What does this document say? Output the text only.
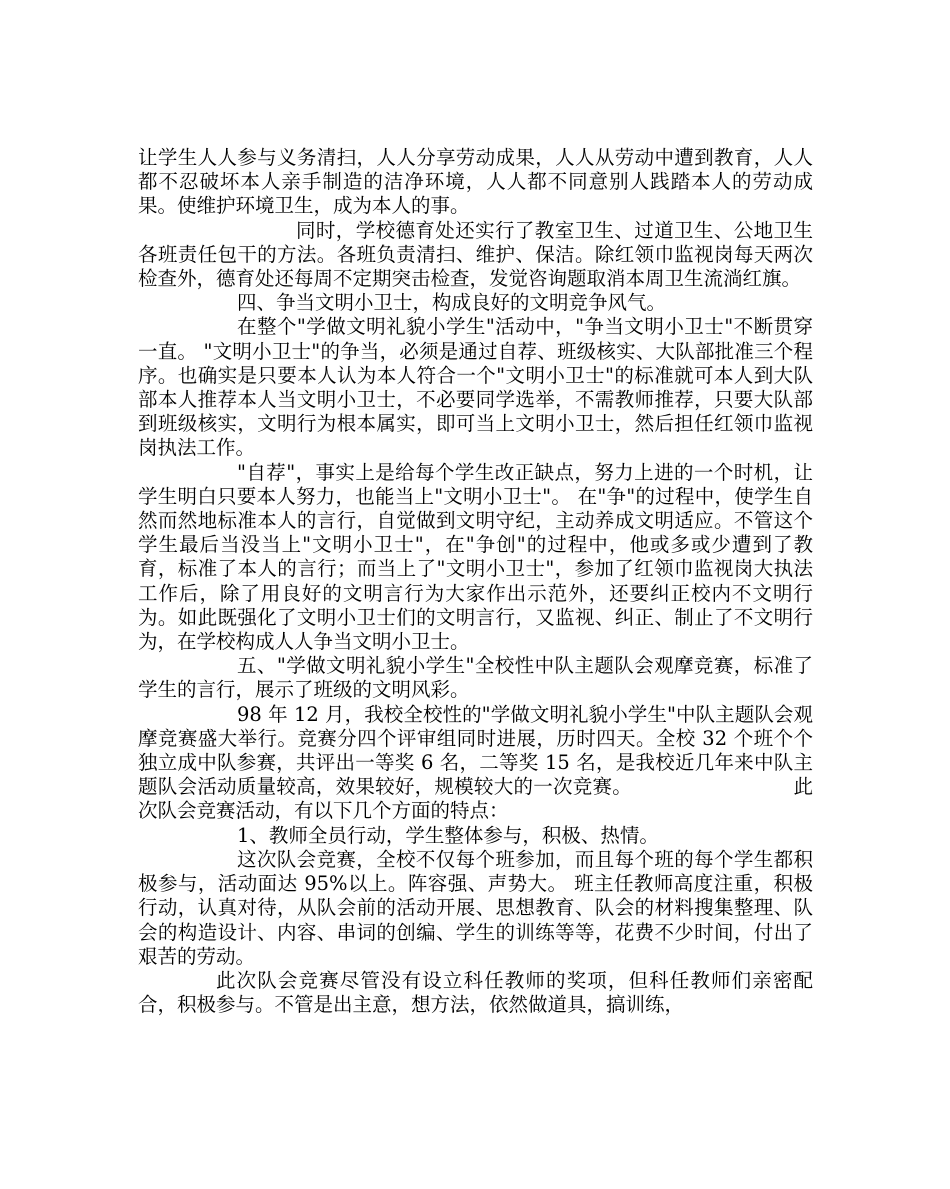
让学生人人参与义务清扫，人人分享劳动成果，人人从劳动中遭到教育，人人都不忍破坏本人亲手制造的洁净环境，人人都不同意别人践踏本人的劳动成果。使维护环境卫生，成为本人的事。

同时，学校德育处还实行了教室卫生、过道卫生、公地卫生各班责任包干的方法。各班负责清扫、维护、保洁。除红领巾监视岗每天两次检查外，德育处还每周不定期突击检查，发觉咨询题取消本周卫生流淌红旗。

四、争当文明小卫士，构成良好的文明竞争风气。

在整个"学做文明礼貌小学生"活动中，"争当文明小卫士"不断贯穿一直。 "文明小卫士"的争当，必须是通过自荐、班级核实、大队部批准三个程序。也确实是只要本人认为本人符合一个"文明小卫士"的标准就可本人到大队部本人推荐本人当文明小卫士，不必要同学选举，不需教师推荐，只要大队部到班级核实，文明行为根本属实，即可当上文明小卫士，然后担任红领巾监视岗执法工作。

"自荐"，事实上是给每个学生改正缺点，努力上进的一个时机，让学生明白只要本人努力，也能当上"文明小卫士"。 在"争"的过程中，使学生自然而然地标准本人的言行，自觉做到文明守纪，主动养成文明适应。不管这个学生最后当没当上"文明小卫士"，在"争创"的过程中，他或多或少遭到了教育，标准了本人的言行；而当上了"文明小卫士"，参加了红领巾监视岗大执法工作后，除了用良好的文明言行为大家作出示范外，还要纠正校内不文明行为。如此既强化了文明小卫士们的文明言行，又监视、纠正、制止了不文明行为，在学校构成人人争当文明小卫士。

五、"学做文明礼貌小学生"全校性中队主题队会观摩竞赛，标准了学生的言行，展示了班级的文明风彩。

98 年 12 月，我校全校性的"学做文明礼貌小学生"中队主题队会观摩竞赛盛大举行。竞赛分四个评审组同时进展，历时四天。全校 32 个班个个独立成中队参赛，共评出一等奖 6 名，二等奖 15 名，是我校近几年来中队主题队会活动质量较高，效果较好，规模较大的一次竞赛。                         此次队会竞赛活动，有以下几个方面的特点：

1、教师全员行动，学生整体参与，积极、热情。

这次队会竞赛，全校不仅每个班参加，而且每个班的每个学生都积极参与，活动面达 95%以上。阵容强、声势大。 班主任教师高度注重，积极行动，认真对待，从队会前的活动开展、思想教育、队会的材料搜集整理、队会的构造设计、内容、串词的创编、学生的训练等等，花费不少时间，付出了艰苦的劳动。

此次队会竞赛尽管没有设立科任教师的奖项，但科任教师们亲密配合，积极参与。不管是出主意，想方法，依然做道具，搞训练，
